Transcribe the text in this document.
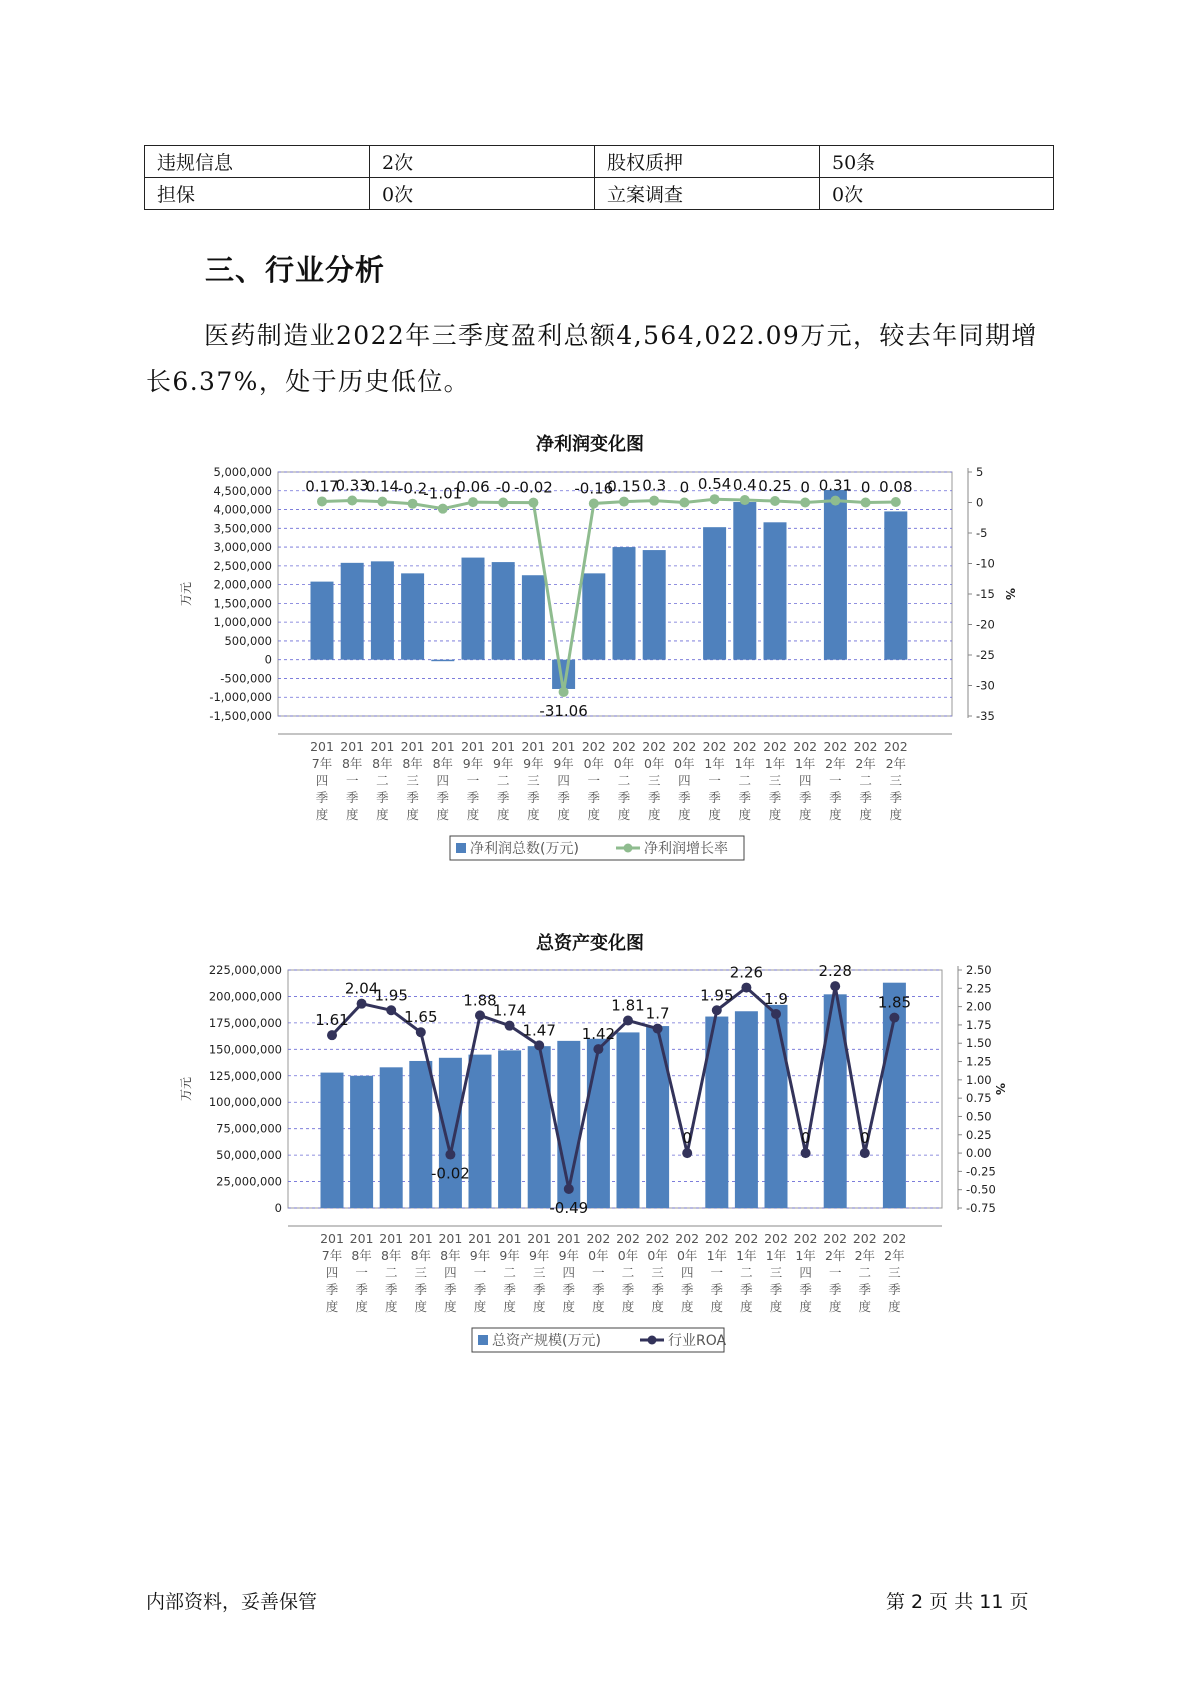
违规信息	2次	股权质押	50条
担保	0次	立案调查	0次
三、行业分析

医药制造业2022年三季度盈利总额4,564,022.09万元，较去年同期增长6.37%，处于历史低位。

净利润变化图
-1,500,000
-1,000,000
-500,000
0
500,000
1,000,000
1,500,000
2,000,000
2,500,000
3,000,000
3,500,000
4,000,000
4,500,000
5,000,000
-35
-30
-25
-20
-15
-10
-5
0
5
万元	%
0.17
0.33
0.14
-0.2
-1.01
0.06 -0 -0.02
-31.06
-0.16
0.15 0.3 0 0.54 0.4 0.25 0 0.31 0 0.08
201
7年
四
季
度
201
8年
一
季
度
201
8年
二
季
度
201
8年
三
季
度
201
8年
四
季
度
201
9年
一
季
度
201
9年
二
季
度
201
9年
三
季
度
201
9年
四
季
度
202
0年
一
季
度
202
0年
二
季
度
202
0年
三
季
度
202
0年
四
季
度
202
1年
一
季
度
202
1年
二
季
度
202
1年
三
季
度
202
1年
四
季
度
202
2年
一
季
度
202
2年
二
季
度
202
2年
三
季
度
净利润总数(万元)	净利润增长率
总资产变化图
0
25,000,000
50,000,000
75,000,000
100,000,000
125,000,000
150,000,000
175,000,000
200,000,000
225,000,000
-0.75
-0.50
-0.25
0.00
0.25
0.50
0.75
1.00
1.25
1.50
1.75
2.00
2.25
2.50
万元	%
1.61
2.04
1.95
1.65
-0.02
1.88
1.74
1.47
-0.49
1.42
1.81 1.7
0
1.95
2.26
1.9
0
2.28
0
1.85
201
7年
四
季
度
201
8年
一
季
度
201
8年
二
季
度
201
8年
三
季
度
201
8年
四
季
度
201
9年
一
季
度
201
9年
二
季
度
201
9年
三
季
度
201
9年
四
季
度
202
0年
一
季
度
202
0年
二
季
度
202
0年
三
季
度
202
0年
四
季
度
202
1年
一
季
度
202
1年
二
季
度
202
1年
三
季
度
202
1年
四
季
度
202
2年
一
季
度
202
2年
二
季
度
202
2年
三
季
度
总资产规模(万元)	行业ROA
内部资料，妥善保管	第 2 页 共 11 页
